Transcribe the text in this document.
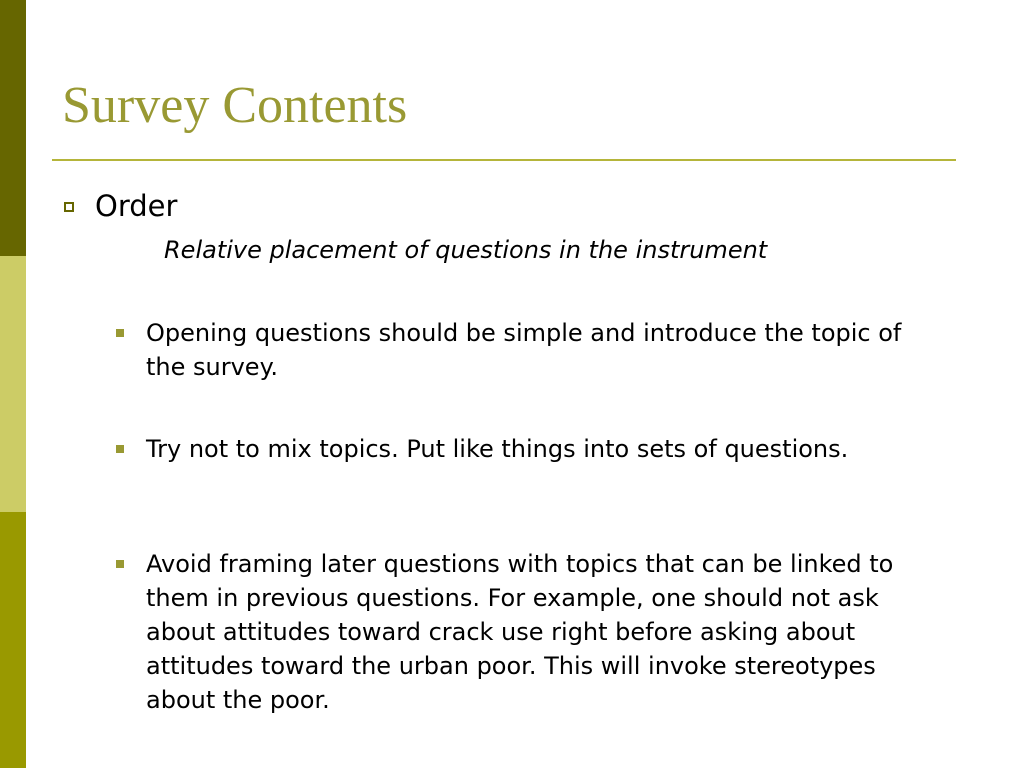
Survey Contents
Order
Relative placement of questions in the instrument
Opening questions should be simple and introduce the topic of the survey.
Try not to mix topics. Put like things into sets of questions.
Avoid framing later questions with topics that can be linked to them in previous questions. For example, one should not ask about attitudes toward crack use right before asking about attitudes toward the urban poor. This will invoke stereotypes about the poor.
